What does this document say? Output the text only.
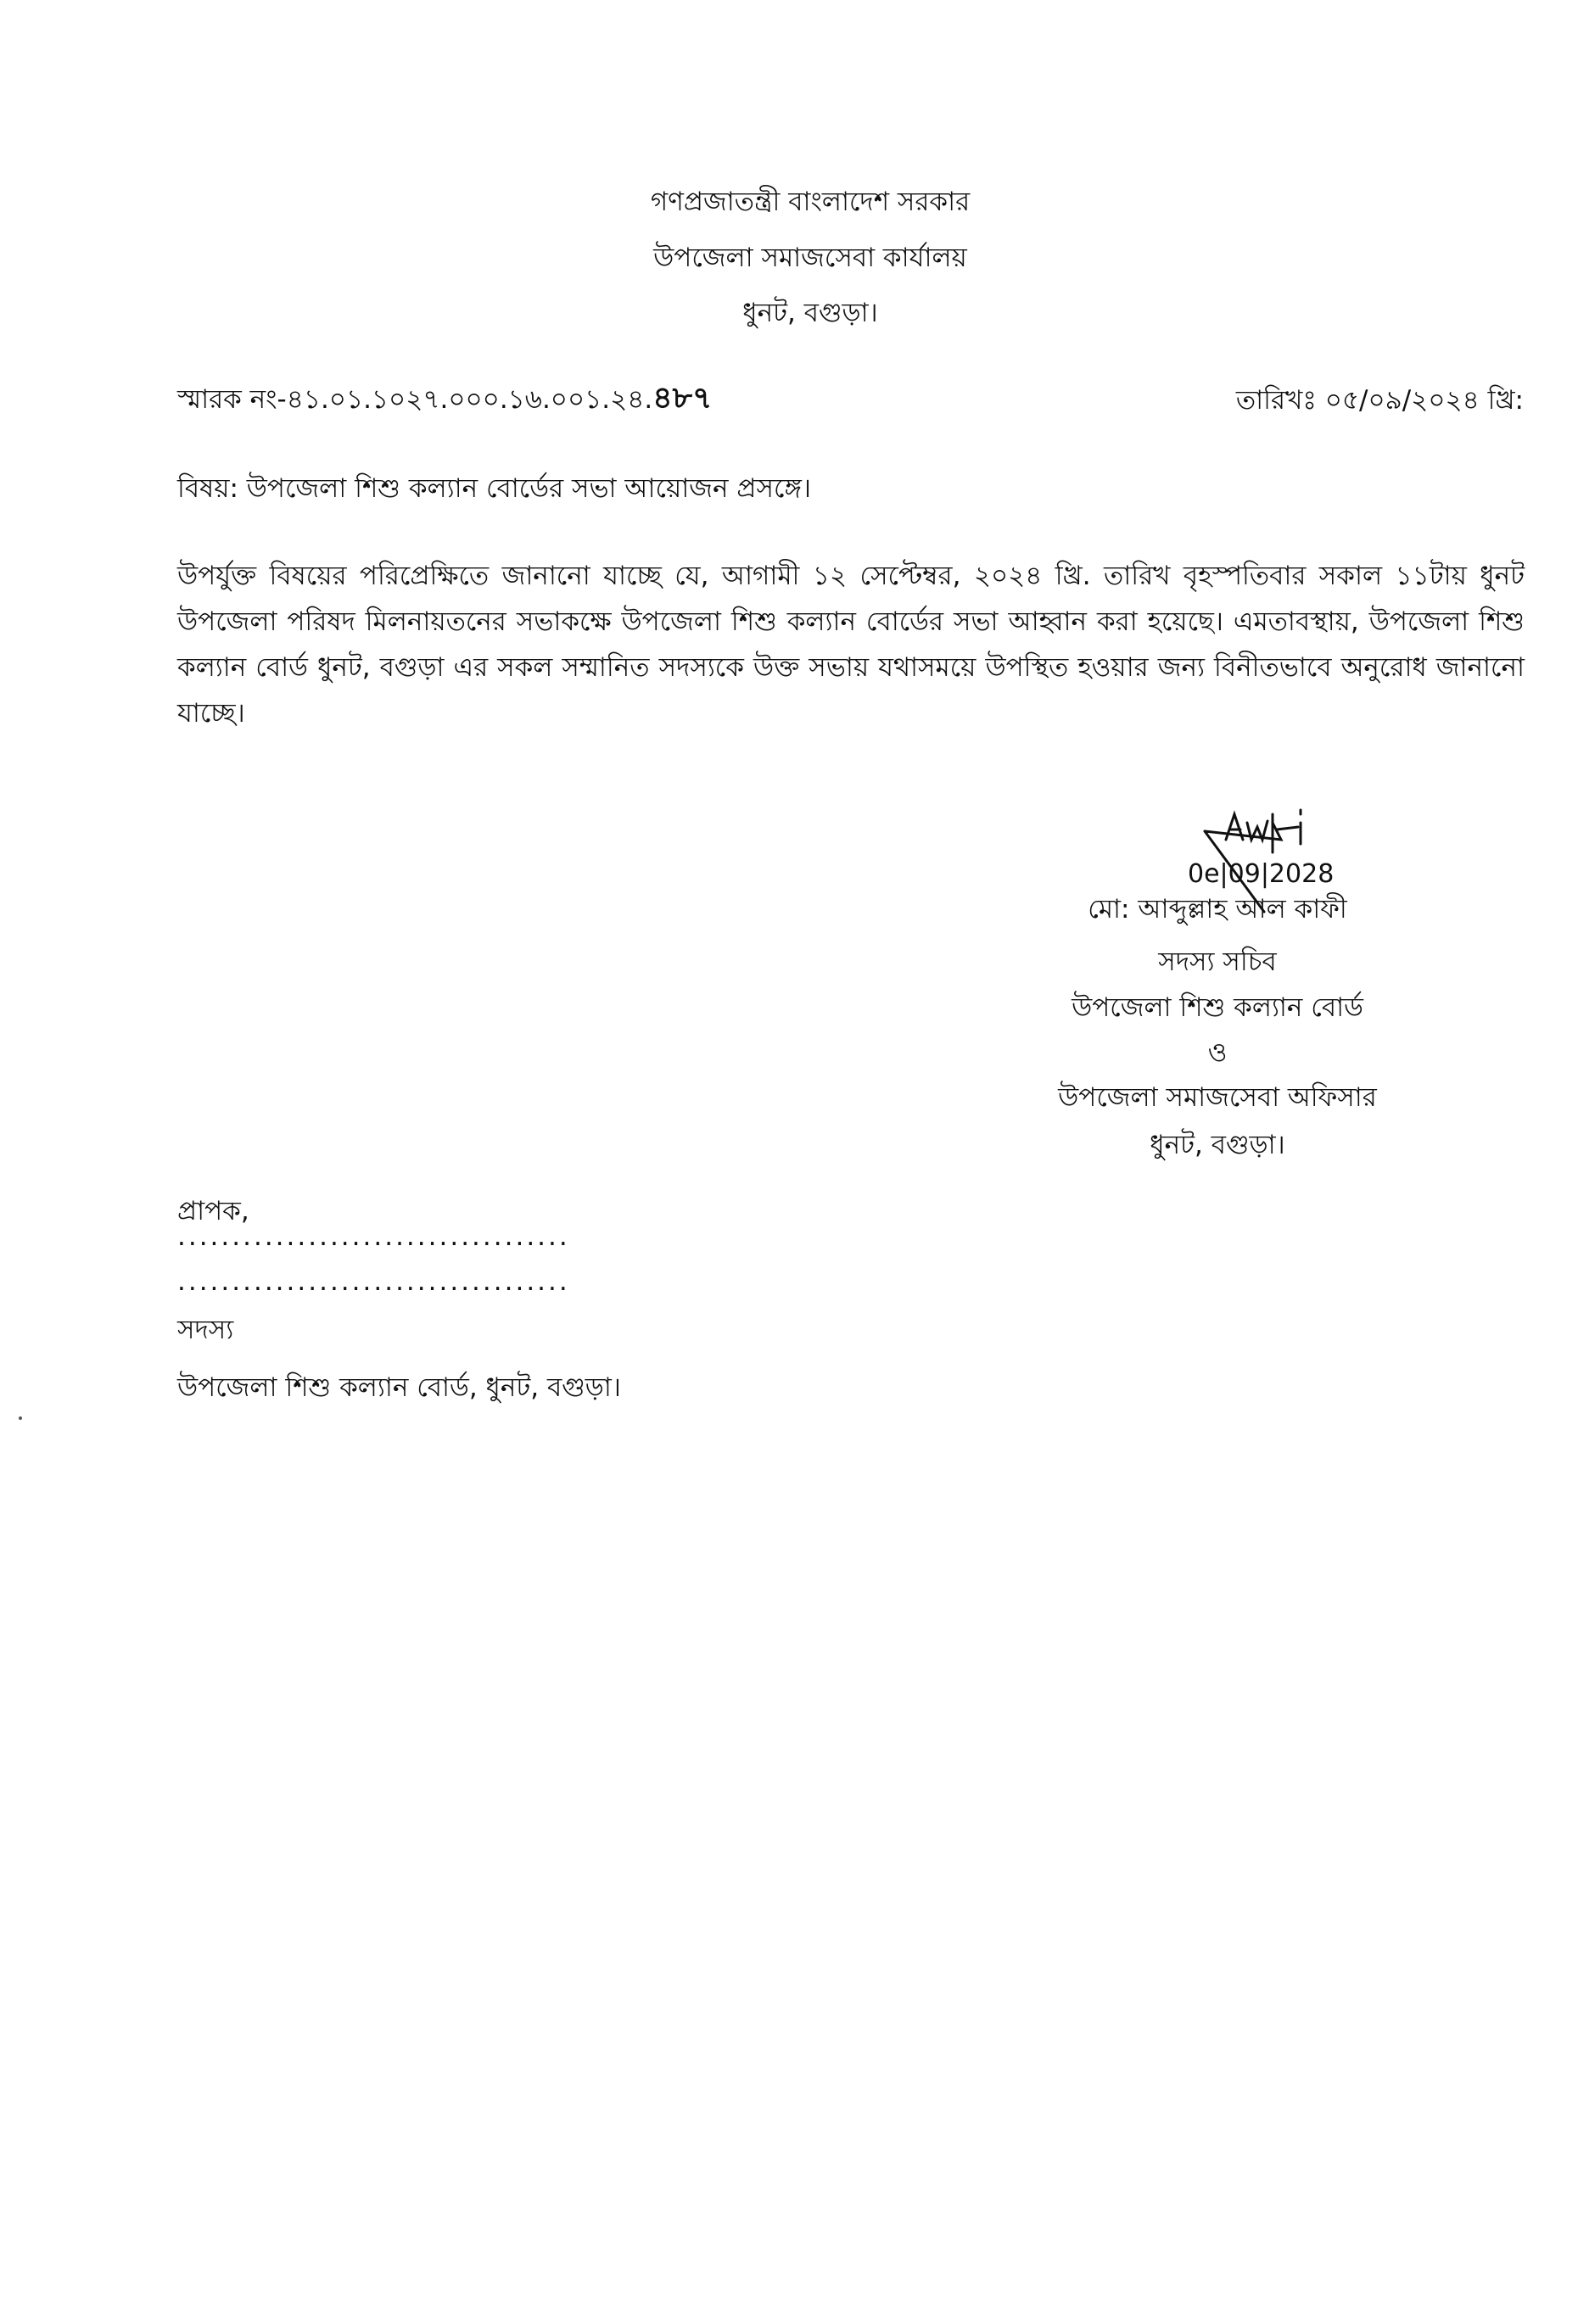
গণপ্রজাতন্ত্রী বাংলাদেশ সরকার
উপজেলা সমাজসেবা কার্যালয়
ধুনট, বগুড়া।
স্মারক নং-৪১.০১.১০২৭.০০০.১৬.০০১.২৪.৪৮৭	তারিখঃ ০৫/০৯/২০২৪ খ্রি:
বিষয়: উপজেলা শিশু কল্যান বোর্ডের সভা আয়োজন প্রসঙ্গে।
উপর্যুক্ত বিষয়ের পরিপ্রেক্ষিতে জানানো যাচ্ছে যে, আগামী ১২ সেপ্টেম্বর, ২০২৪ খ্রি. তারিখ বৃহস্পতিবার সকাল ১১টায় ধুনট উপজেলা পরিষদ মিলনায়তনের সভাকক্ষে উপজেলা শিশু কল্যান বোর্ডের সভা আহ্বান করা হয়েছে। এমতাবস্থায়, উপজেলা শিশু কল্যান বোর্ড ধুনট, বগুড়া এর সকল সম্মানিত সদস্যকে উক্ত সভায় যথাসময়ে উপস্থিত হওয়ার জন্য বিনীতভাবে অনুরোধ জানানো যাচ্ছে।
0e|09|2028
মো: আব্দুল্লাহ আল কাফী
সদস্য সচিব
উপজেলা শিশু কল্যান বোর্ড
ও
উপজেলা সমাজসেবা অফিসার
ধুনট, বগুড়া।
প্রাপক,
....................................
....................................
সদস্য
উপজেলা শিশু কল্যান বোর্ড, ধুনট, বগুড়া।
